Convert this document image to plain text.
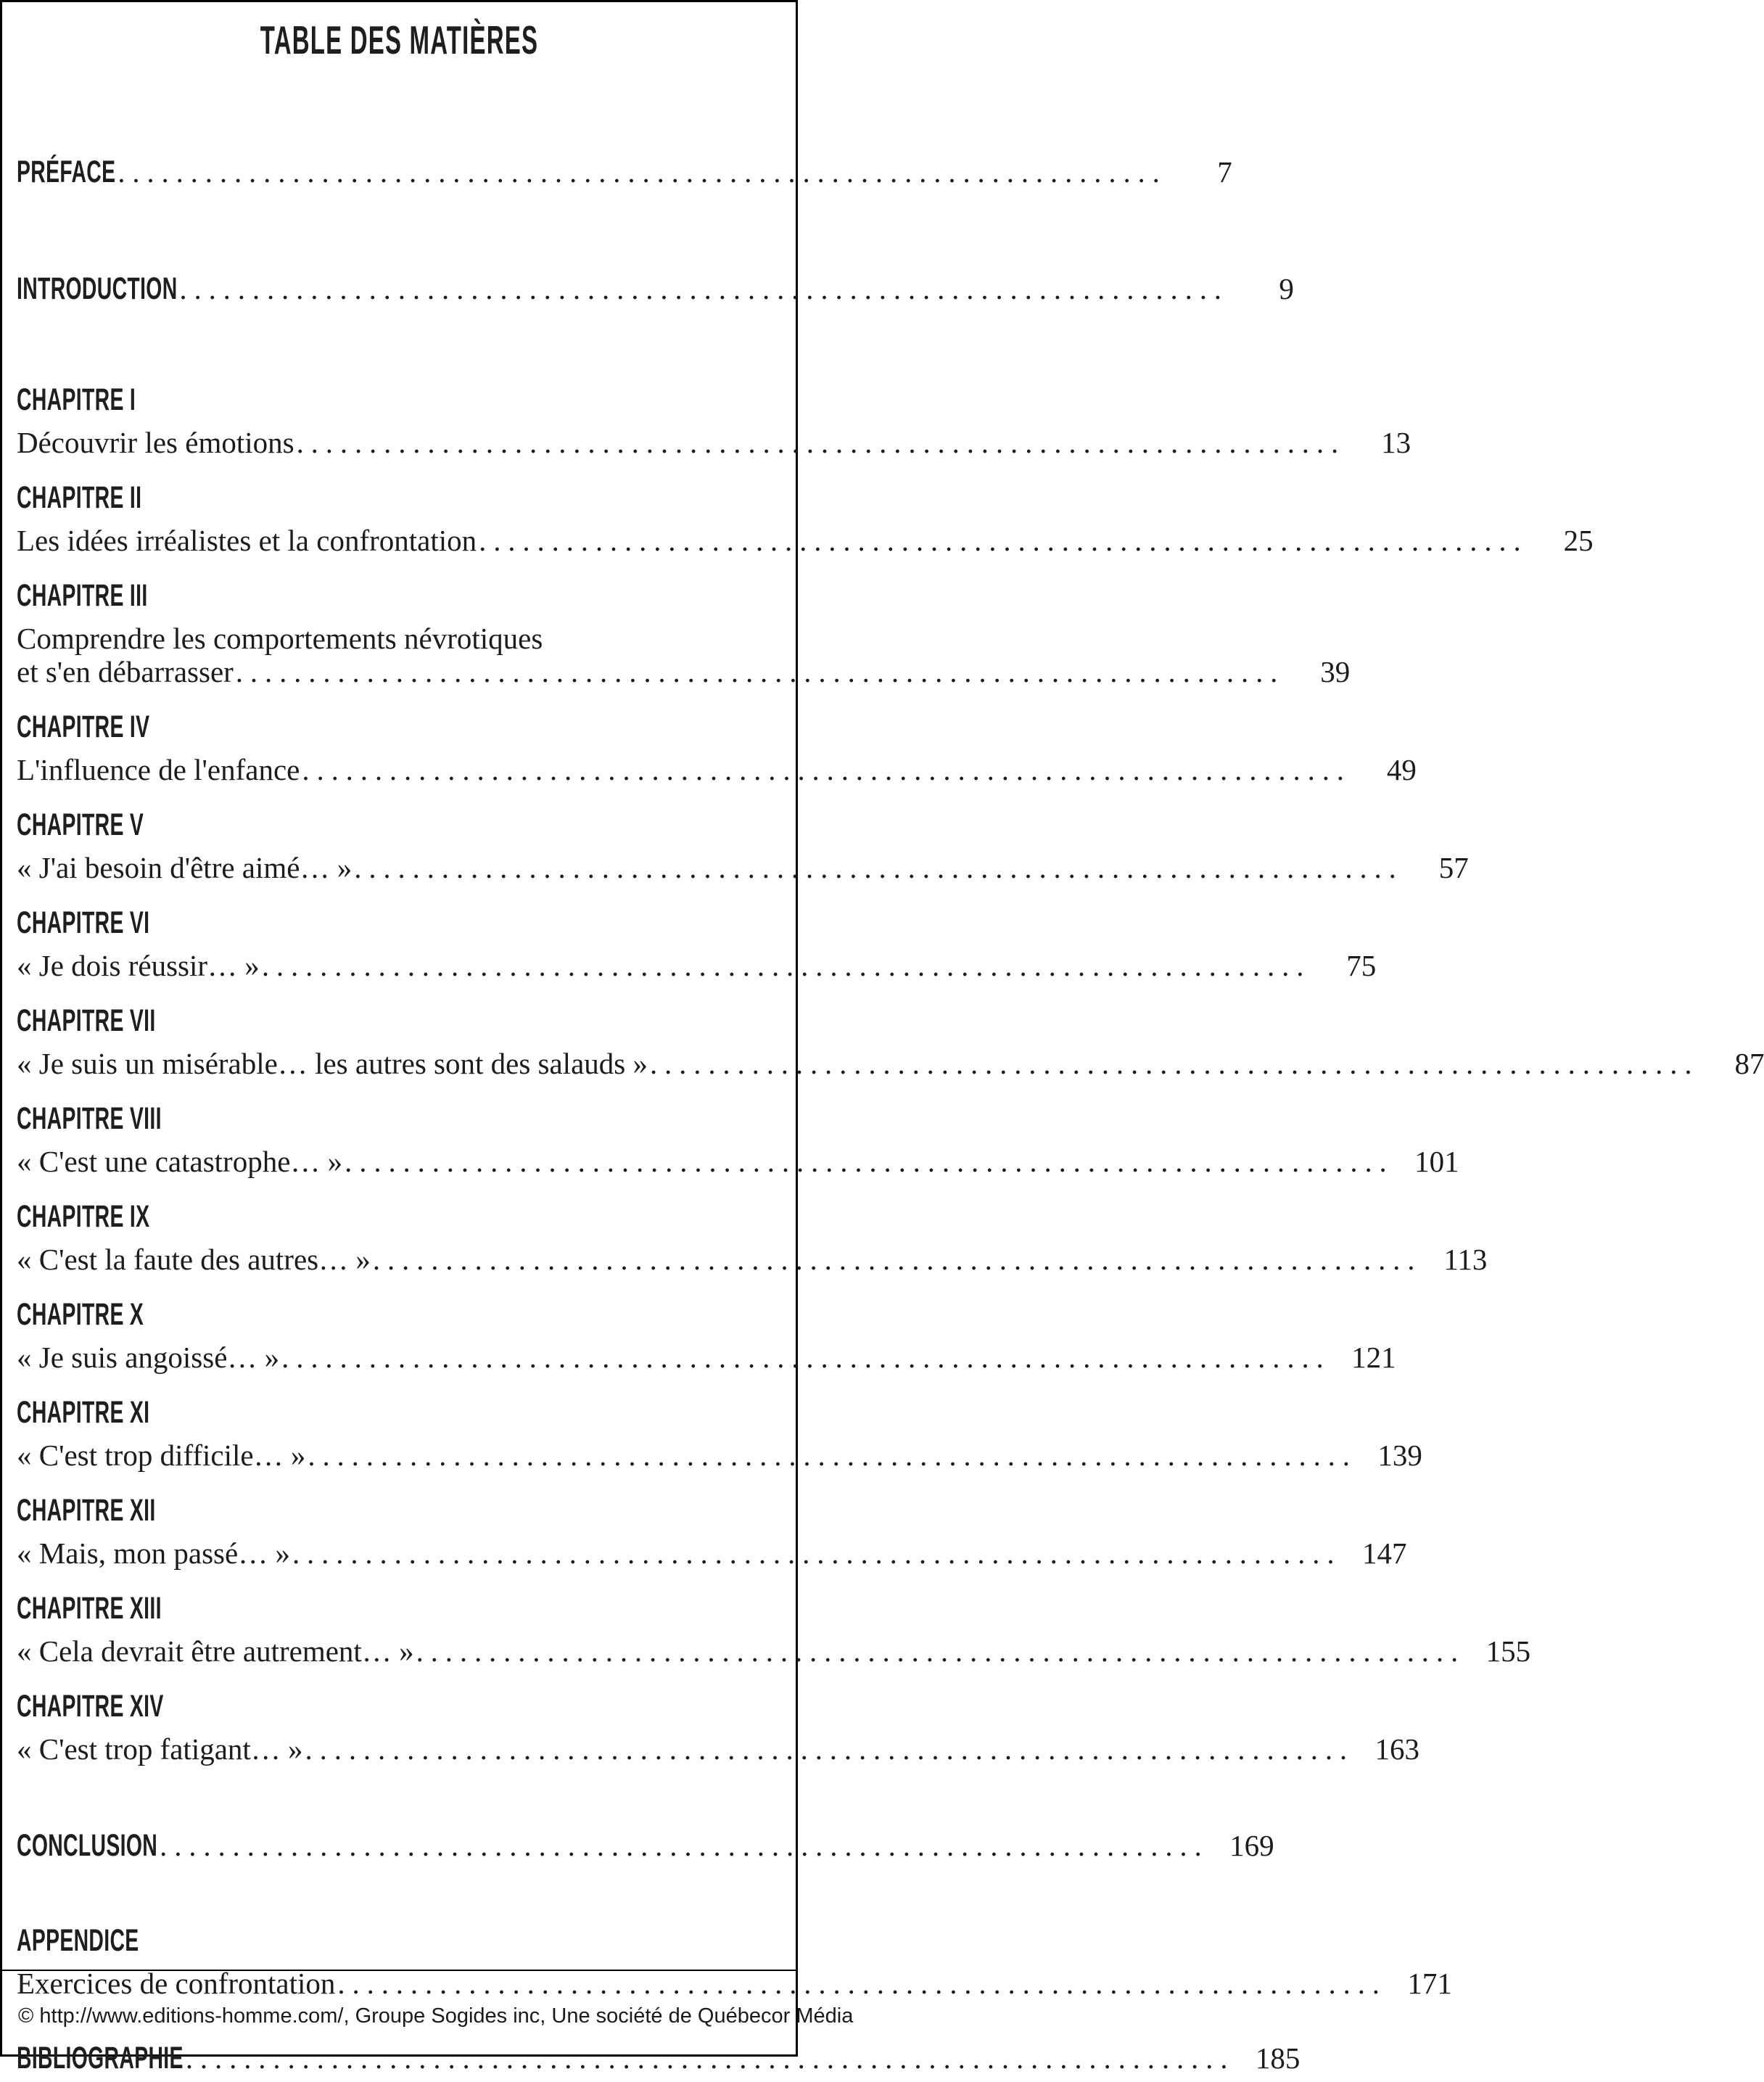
TABLE DES MATIÈRES
PRÉFACE .....	7
INTRODUCTION .....	9
CHAPITRE I
Découvrir les émotions .....	13
CHAPITRE II
Les idées irréalistes et la confrontation .....	25
CHAPITRE III
Comprendre les comportements névrotiques
et s'en débarrasser .....	39
CHAPITRE IV
L'influence de l'enfance .....	49
CHAPITRE V
« J'ai besoin d'être aimé… » .....	57
CHAPITRE VI
« Je dois réussir… » .....	75
CHAPITRE VII
« Je suis un misérable… les autres sont des salauds » .....	87
CHAPITRE VIII
« C'est une catastrophe… » .....	101
CHAPITRE IX
« C'est la faute des autres… » .....	113
CHAPITRE X
« Je suis angoissé… » .....	121
CHAPITRE XI
« C'est trop difficile… » .....	139
CHAPITRE XII
« Mais, mon passé… » .....	147
CHAPITRE XIII
« Cela devrait être autrement… » .....	155
CHAPITRE XIV
« C'est trop fatigant… » .....	163
CONCLUSION .....	169
APPENDICE
Exercices de confrontation .....	171
BIBLIOGRAPHIE .....	185
© http://www.editions-homme.com/, Groupe Sogides inc, Une société de Québecor Média
